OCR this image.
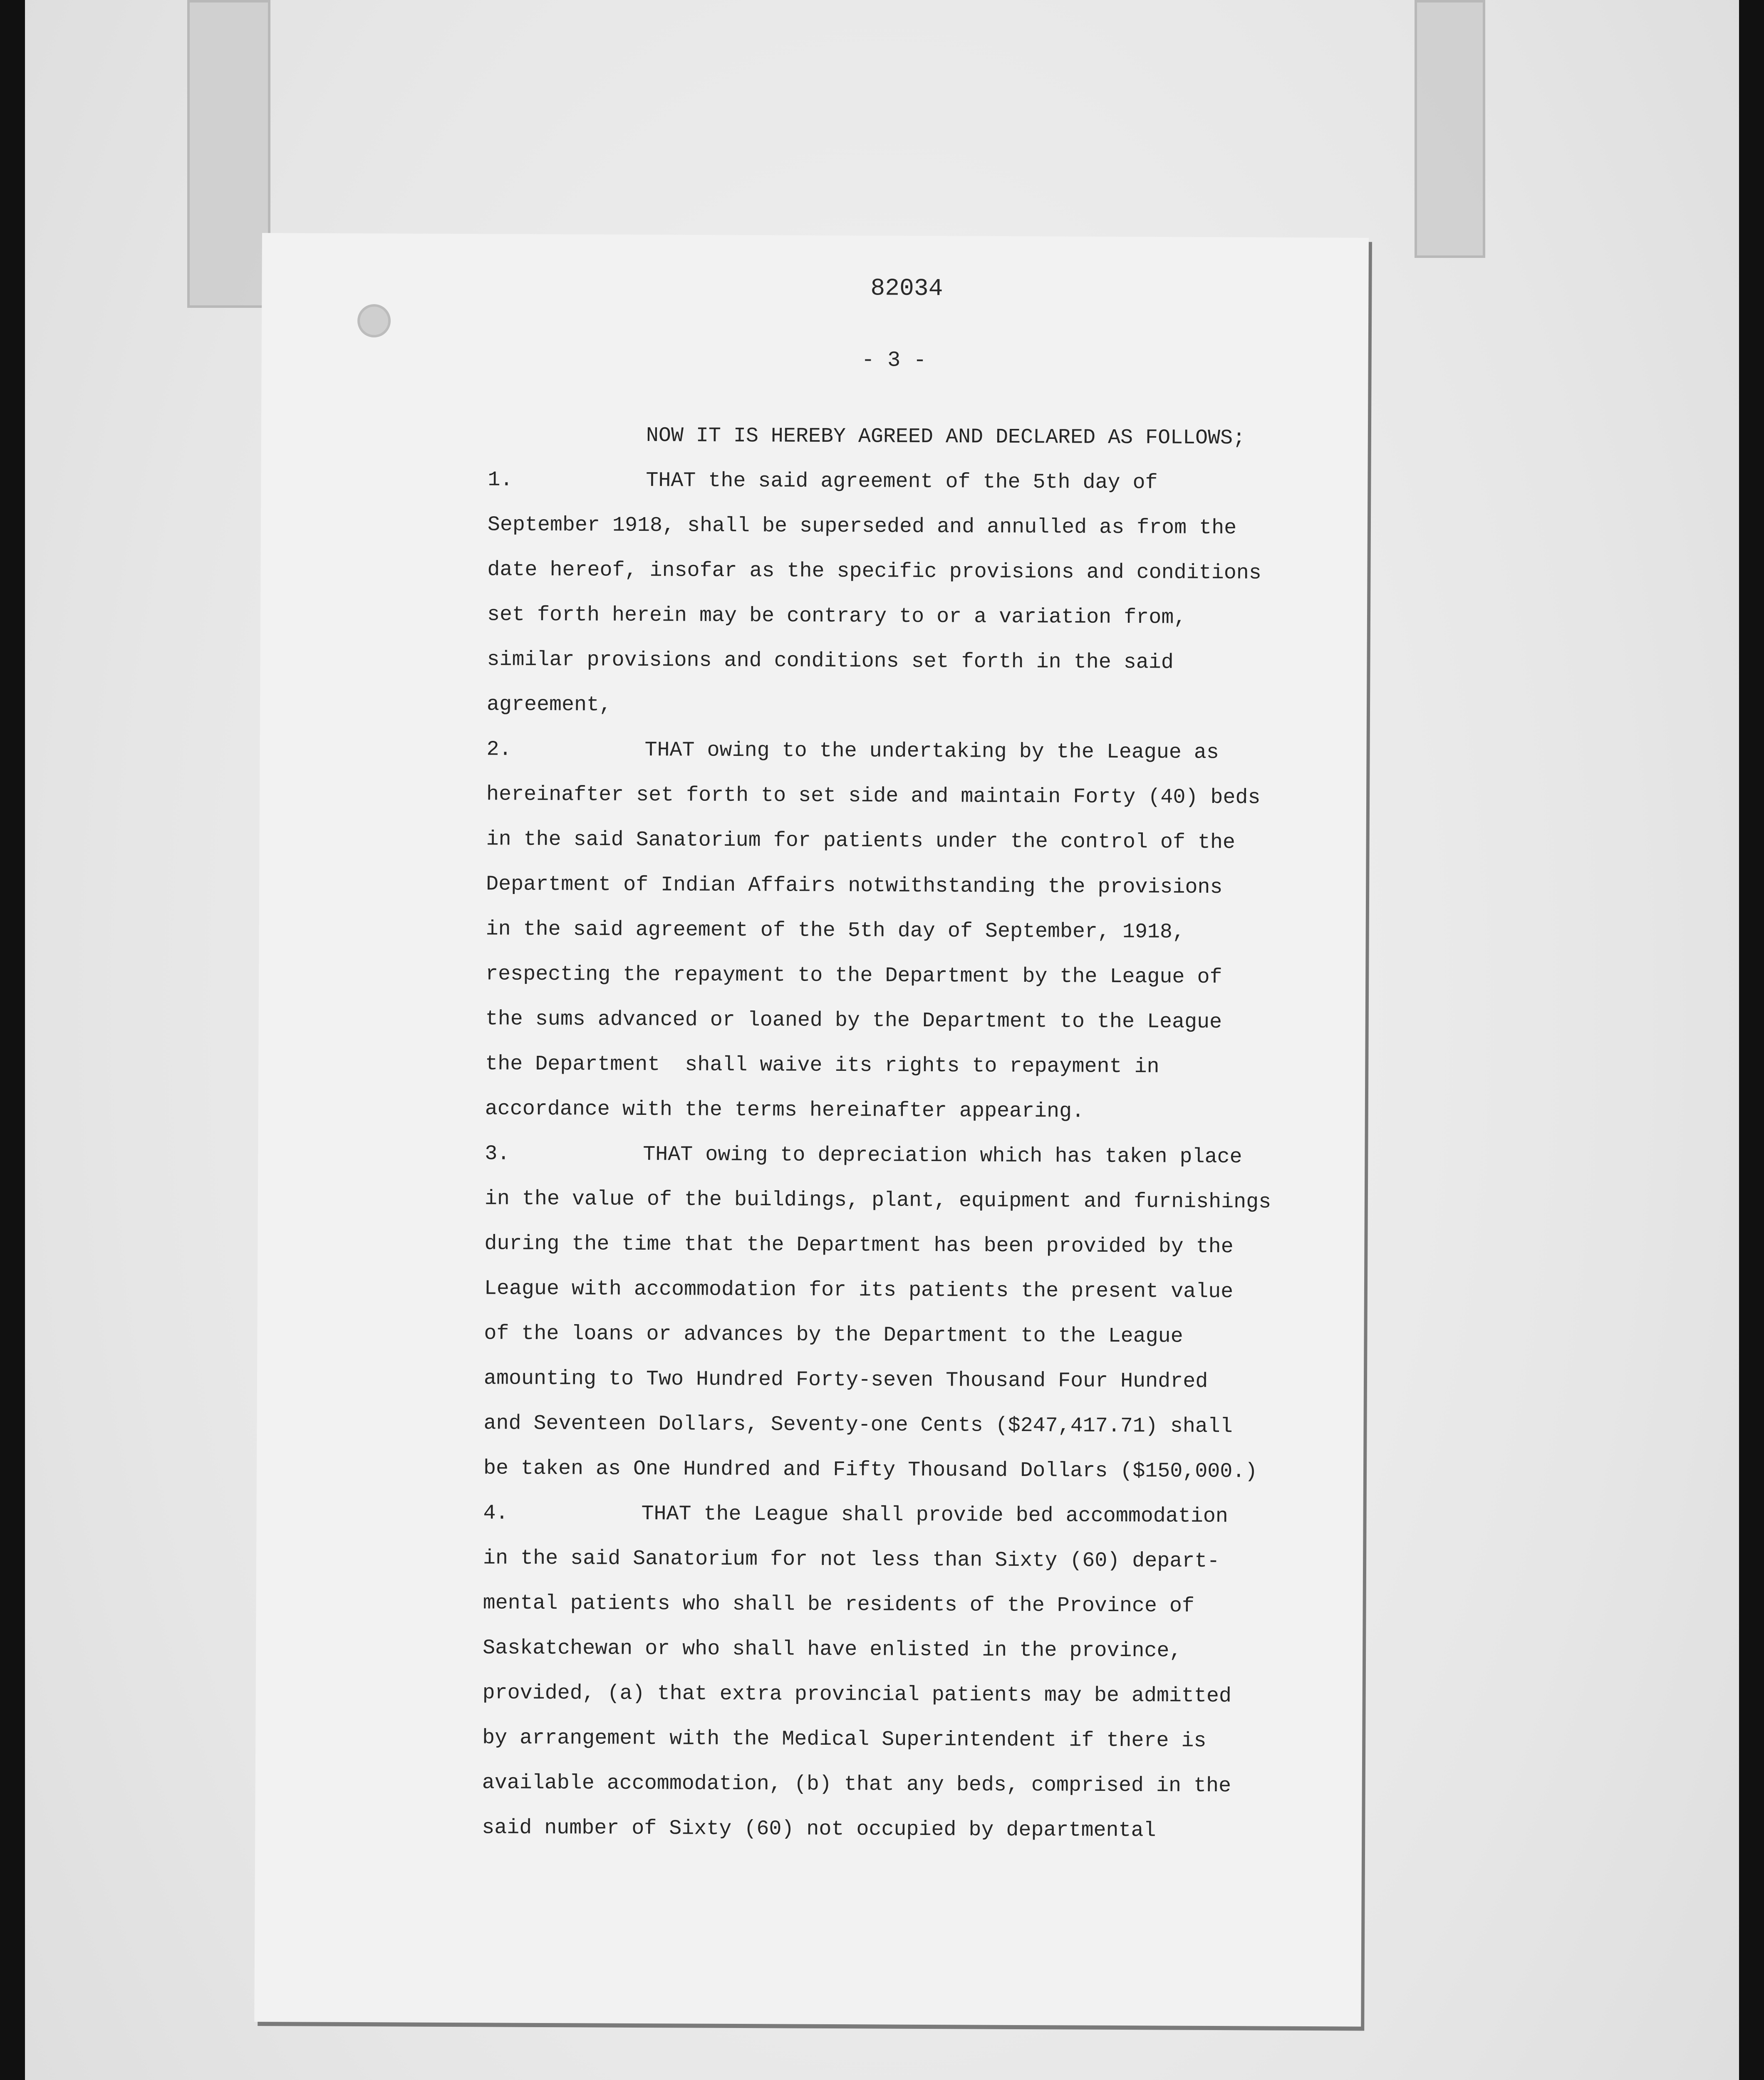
82034
- 3 -
NOW IT IS HEREBY AGREED AND DECLARED AS FOLLOWS;
1.	THAT the said agreement of the 5th day of
September 1918, shall be superseded and annulled as from the
date hereof, insofar as the specific provisions and conditions
set forth herein may be contrary to or a variation from,
similar provisions and conditions set forth in the said
agreement,
2.	THAT owing to the undertaking by the League as
hereinafter set forth to set side and maintain Forty (40) beds
in the said Sanatorium for patients under the control of the
Department of Indian Affairs notwithstanding the provisions
in the said agreement of the 5th day of September, 1918,
respecting the repayment to the Department by the League of
the sums advanced or loaned by the Department to the League
the Department  shall waive its rights to repayment in
accordance with the terms hereinafter appearing.
3.	THAT owing to depreciation which has taken place
in the value of the buildings, plant, equipment and furnishings
during the time that the Department has been provided by the
League with accommodation for its patients the present value
of the loans or advances by the Department to the League
amounting to Two Hundred Forty-seven Thousand Four Hundred
and Seventeen Dollars, Seventy-one Cents ($247,417.71) shall
be taken as One Hundred and Fifty Thousand Dollars ($150,000.)
4.	THAT the League shall provide bed accommodation
in the said Sanatorium for not less than Sixty (60) depart-
mental patients who shall be residents of the Province of
Saskatchewan or who shall have enlisted in the province,
provided, (a) that extra provincial patients may be admitted
by arrangement with the Medical Superintendent if there is
available accommodation, (b) that any beds, comprised in the
said number of Sixty (60) not occupied by departmental
